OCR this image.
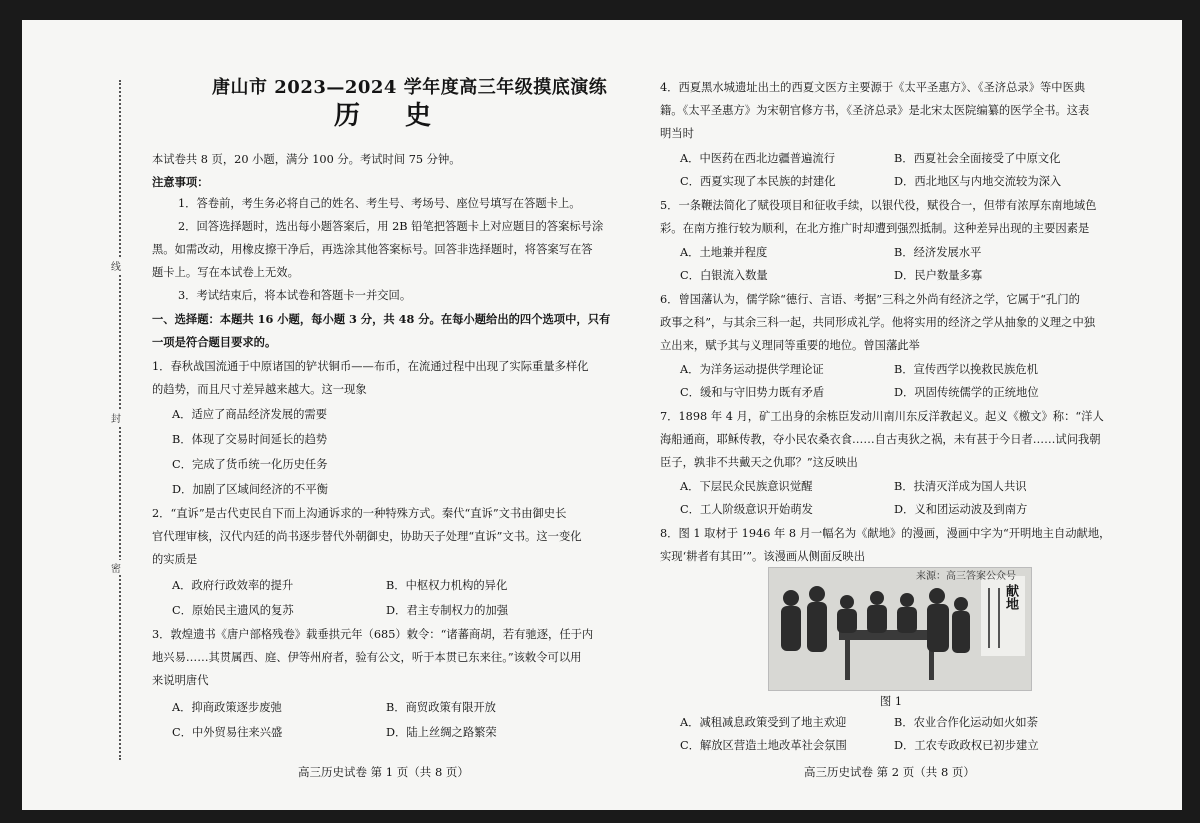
线
封
密
唐山市 2023—2024 学年度高三年级摸底演练
历 史
本试卷共 8 页，20 小题，满分 100 分。考试时间 75 分钟。
注意事项：
1．答卷前，考生务必将自己的姓名、考生号、考场号、座位号填写在答题卡上。
2．回答选择题时，选出每小题答案后，用 2B 铅笔把答题卡上对应题目的答案标号涂
黑。如需改动，用橡皮擦干净后，再选涂其他答案标号。回答非选择题时，将答案写在答
题卡上。写在本试卷上无效。
3．考试结束后，将本试卷和答题卡一并交回。
一、选择题：本题共 16 小题，每小题 3 分，共 48 分。在每小题给出的四个选项中，只有
一项是符合题目要求的。
1．春秋战国流通于中原诸国的铲状铜币——布币，在流通过程中出现了实际重量多样化
的趋势，而且尺寸差异越来越大。这一现象
A．适应了商品经济发展的需要
B．体现了交易时间延长的趋势
C．完成了货币统一化历史任务
D．加剧了区域间经济的不平衡
2．“直诉”是古代吏民自下而上沟通诉求的一种特殊方式。秦代“直诉”文书由御史长
官代理审核，汉代内廷的尚书逐步替代外朝御史，协助天子处理“直诉”文书。这一变化
的实质是
A．政府行政效率的提升	B．中枢权力机构的异化
C．原始民主遗风的复苏	D．君主专制权力的加强
3．敦煌遗书《唐户部格残卷》载垂拱元年（685）敕令：“诸蕃商胡，若有驰逐，任于内
地兴易……其贯属西、庭、伊等州府者，验有公文，听于本贯已东来往。”该敕令可以用
来说明唐代
A．抑商政策逐步废弛	B．商贸政策有限开放
C．中外贸易往来兴盛	D．陆上丝绸之路繁荣
高三历史试卷 第 1 页（共 8 页）
4．西夏黑水城遗址出土的西夏文医方主要源于《太平圣惠方》、《圣济总录》等中医典
籍。《太平圣惠方》为宋朝官修方书，《圣济总录》是北宋太医院编纂的医学全书。这表
明当时
A．中医药在西北边疆普遍流行	B．西夏社会全面接受了中原文化
C．西夏实现了本民族的封建化	D．西北地区与内地交流较为深入
5．一条鞭法简化了赋役项目和征收手续，以银代役，赋役合一，但带有浓厚东南地域色
彩。在南方推行较为顺利，在北方推广时却遭到强烈抵制。这种差异出现的主要因素是
A．土地兼并程度	B．经济发展水平
C．白银流入数量	D．民户数量多寡
6．曾国藩认为，儒学除“德行、言语、考据”三科之外尚有经济之学，它属于“孔门的
政事之科”，与其余三科一起，共同形成礼学。他将实用的经济之学从抽象的义理之中独
立出来，赋予其与义理同等重要的地位。曾国藩此举
A．为洋务运动提供学理论证	B．宣传西学以挽救民族危机
C．缓和与守旧势力既有矛盾	D．巩固传统儒学的正统地位
7．1898 年 4 月，矿工出身的余栋臣发动川南川东反洋教起义。起义《檄文》称：“洋人
海船通商，耶稣传教，夺小民农桑衣食……自古夷狄之祸，未有甚于今日者……试问我朝
臣子，孰非不共戴天之仇耶？”这反映出
A．下层民众民族意识觉醒	B．扶清灭洋成为国人共识
C．工人阶级意识开始萌发	D．义和团运动波及到南方
8．图 1 取材于 1946 年 8 月一幅名为《献地》的漫画，漫画中字为“开明地主自动献地，
实现‘耕者有其田’”。该漫画从侧面反映出
献地
来源：高三答案公众号
图 1
A．减租减息政策受到了地主欢迎	B．农业合作化运动如火如荼
C．解放区营造土地改革社会氛围	D．工农专政政权已初步建立
高三历史试卷 第 2 页（共 8 页）
